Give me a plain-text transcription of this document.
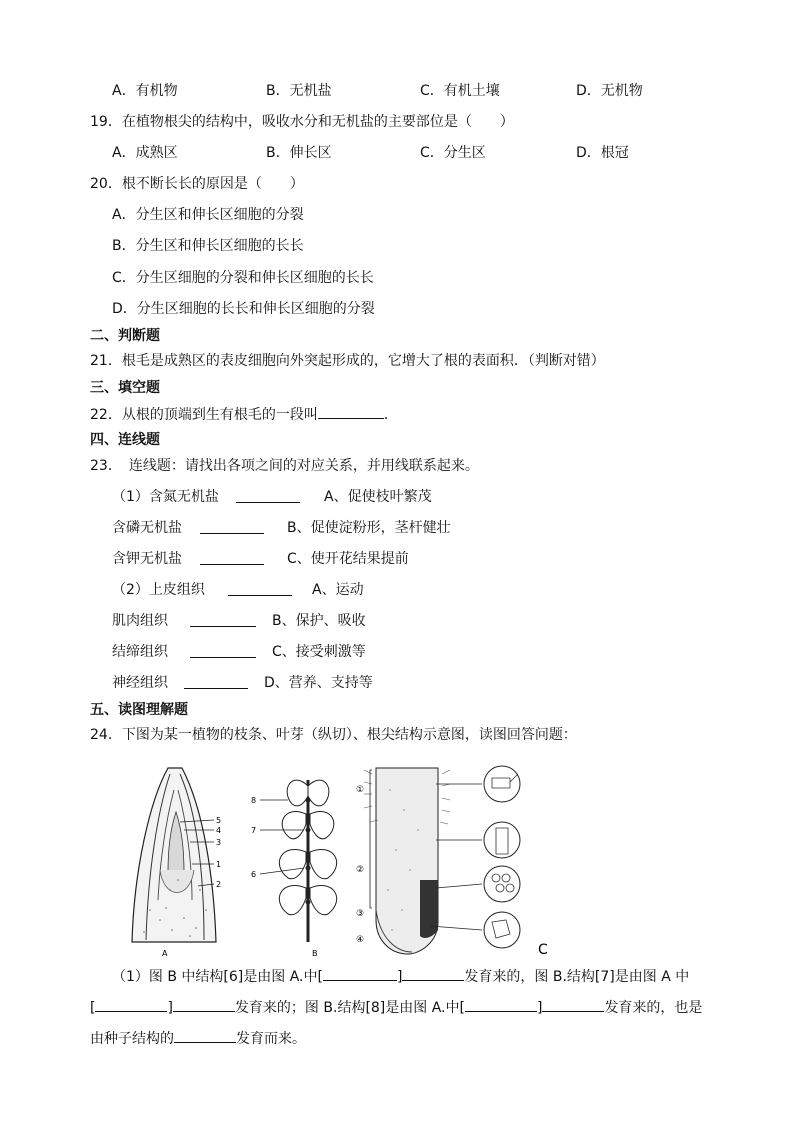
A．有机物	B．无机盐	C．有机土壤	D．无机物
19．在植物根尖的结构中，吸收水分和无机盐的主要部位是（　　）
A．成熟区	B．伸长区	C．分生区	D．根冠
20．根不断长长的原因是（　　）
A．分生区和伸长区细胞的分裂
B．分生区和伸长区细胞的长长
C．分生区细胞的分裂和伸长区细胞的长长
D．分生区细胞的长长和伸长区细胞的分裂
二、判断题
21．根毛是成熟区的表皮细胞向外突起形成的，它增大了根的表面积．（判断对错）
三、填空题
22．从根的顶端到生有根毛的一段叫	．
四、连线题
23．　连线题：请找出各项之间的对应关系，并用线联系起来。
（1）含氮无机盐	A、促使枝叶繁茂
含磷无机盐	B、促使淀粉形，茎杆健壮
含钾无机盐	C、使开花结果提前
（2）上皮组织	A、运动
肌肉组织	B、保护、吸收
结缔组织	C、接受刺激等
神经组织	D、营养、支持等
五、读图理解题
24．下图为某一植物的枝条、叶芽（纵切）、根尖结构示意图，读图回答问题：
5
4
3
1
2
A
8
7
6
B
①
②
③
④
C
（1）图 B 中结构[6]是由图 A.中[	]	发育来的，图 B.结构[7]是由图 A 中
[	]	发育来的；图 B.结构[8]是由图 A.中[	]	发育来的，也是
由种子结构的	发育而来。
